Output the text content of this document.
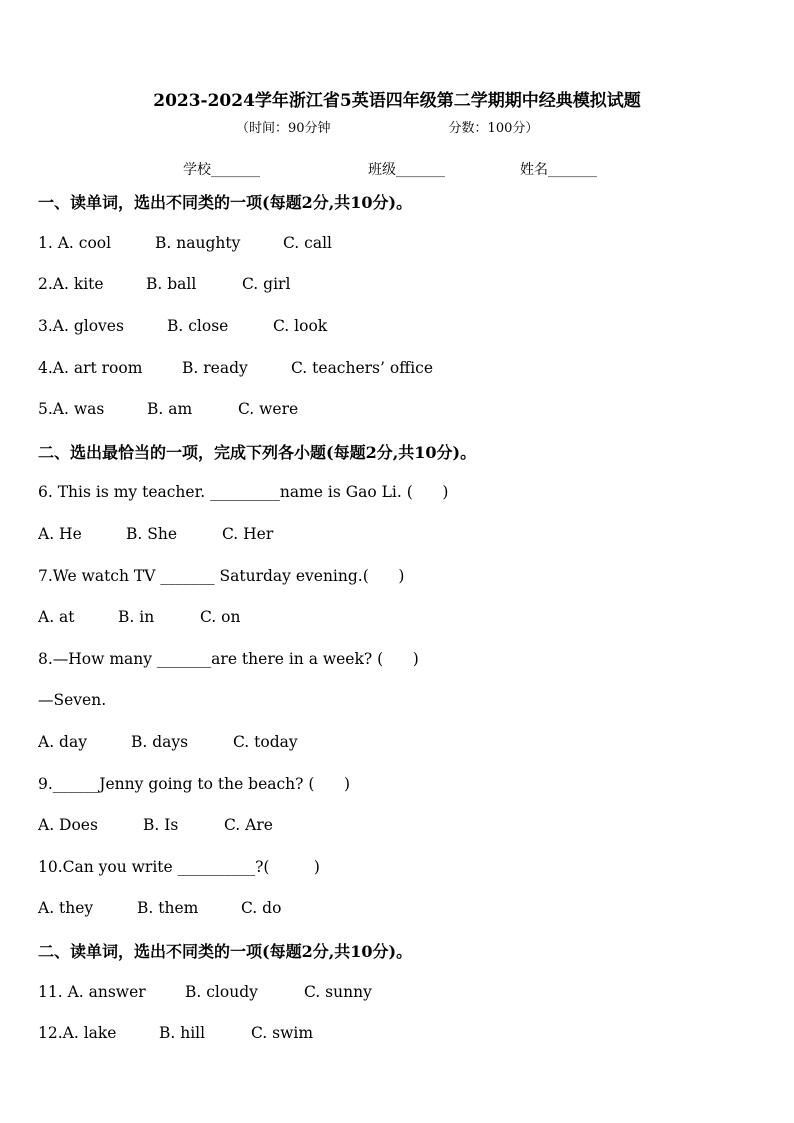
2023-2024学年浙江省5英语四年级第二学期期中经典模拟试题
（时间：90分钟	分数：100分）
学校_______	班级_______	姓名_______
一、读单词，选出不同类的一项(每题2分,共10分)。
1. A. cool	B. naughty	C. call
2.A. kite	B. ball	C. girl
3.A. gloves	B. close	C. look
4.A. art room	B. ready	C. teachers’ office
5.A. was	B. am	C. were
二、选出最恰当的一项，完成下列各小题(每题2分,共10分)。
6. This is my teacher. _________name is Gao Li. (      )
A. He	B. She	C. Her
7.We watch TV _______ Saturday evening.(      )
A. at	B. in	C. on
8.—How many _______are there in a week? (      )
—Seven.
A. day	B. days	C. today
9.______Jenny going to the beach? (      )
A. Does	B. Is	C. Are
10.Can you write __________?(         )
A. they	B. them	C. do
二、读单词，选出不同类的一项(每题2分,共10分)。
11. A. answer	B. cloudy	C. sunny
12.A. lake	B. hill	C. swim
